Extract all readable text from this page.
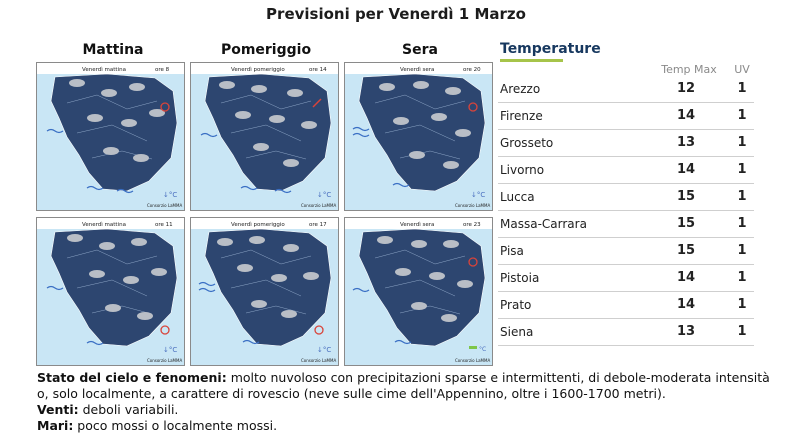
Previsioni per Venerdì 1 Marzo
Mattina	Pomeriggio	Sera
Venerdì mattina	ore 8
↓°C
Consorzio LaMMA
Venerdì pomeriggio	ore 14
↓°C
Consorzio LaMMA
Venerdì sera	ore 20
↓°C
Consorzio LaMMA
Venerdì mattina	ore 11
↓°C
Consorzio LaMMA
Venerdì pomeriggio	ore 17
↓°C
Consorzio LaMMA
Venerdì sera	ore 23
°C
Consorzio LaMMA
Temperature
Temp Max	UV
Arezzo	12	1
Firenze	14	1
Grosseto	13	1
Livorno	14	1
Lucca	15	1
Massa-Carrara	15	1
Pisa	15	1
Pistoia	14	1
Prato	14	1
Siena	13	1

Stato del cielo e fenomeni: molto nuvoloso con precipitazioni sparse e intermittenti, di debole-moderata intensità o, solo localmente, a carattere di rovescio (neve sulle cime dell'Appennino, oltre i 1600-1700 metri).

Venti: deboli variabili.

Mari: poco mossi o localmente mossi.
